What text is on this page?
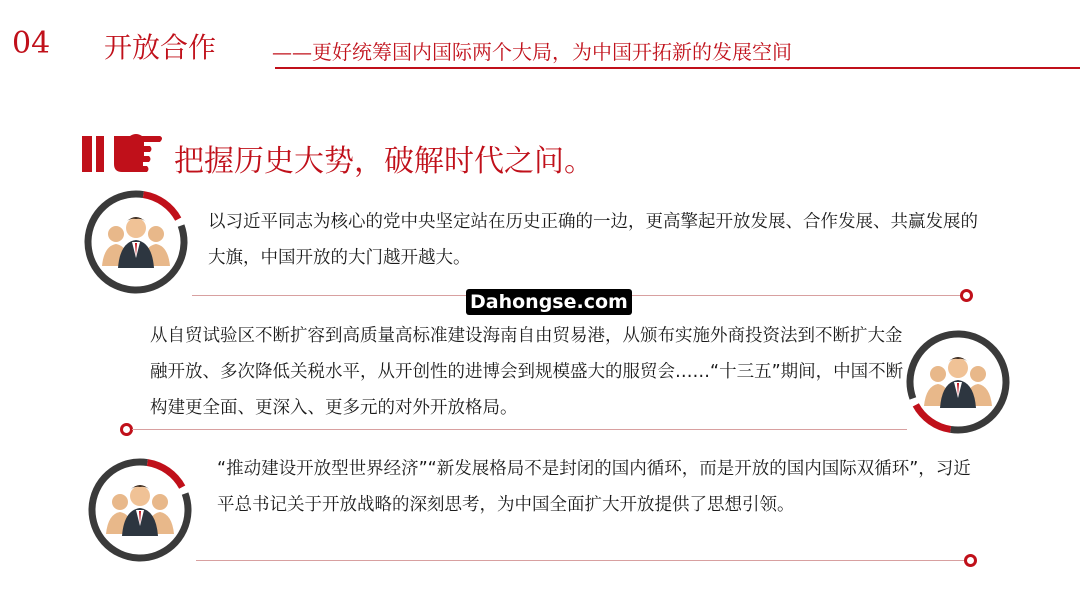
04 开放合作	——更好统筹国内国际两个大局，为中国开拓新的发展空间
把握历史大势，破解时代之问。
以习近平同志为核心的党中央坚定站在历史正确的一边，更高擎起开放发展、合作发展、共赢发展的大旗，中国开放的大门越开越大。
Dahongse.com
从自贸试验区不断扩容到高质量高标准建设海南自由贸易港，从颁布实施外商投资法到不断扩大金融开放、多次降低关税水平，从开创性的进博会到规模盛大的服贸会……“十三五”期间，中国不断构建更全面、更深入、更多元的对外开放格局。
“推动建设开放型世界经济”“新发展格局不是封闭的国内循环，而是开放的国内国际双循环”，习近平总书记关于开放战略的深刻思考，为中国全面扩大开放提供了思想引领。
